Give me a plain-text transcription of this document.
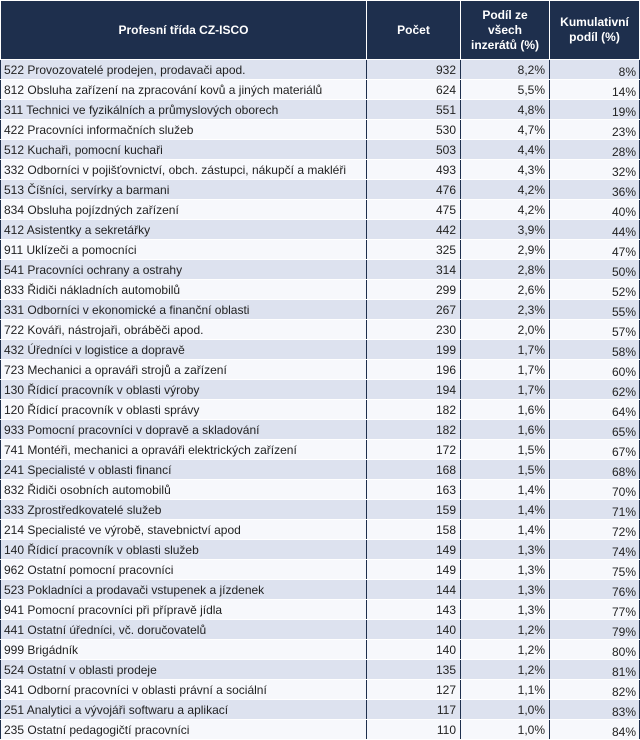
Profesní třída CZ-ISCO	Počet	Podíl ze všech
inzerátů (%)	Kumulativní
podíl (%)
522 Provozovatelé prodejen, prodavači apod.	932	8,2%	8%
812 Obsluha zařízení na zpracování kovů a jiných materiálů	624	5,5%	14%
311 Technici ve fyzikálních a průmyslových oborech	551	4,8%	19%
422 Pracovníci informačních služeb	530	4,7%	23%
512 Kuchaři, pomocní kuchaři	503	4,4%	28%
332 Odborníci v pojišťovnictví, obch. zástupci, nákupčí a makléři	493	4,3%	32%
513 Číšníci, servírky a barmani	476	4,2%	36%
834 Obsluha pojízdných zařízení	475	4,2%	40%
412 Asistentky a sekretářky	442	3,9%	44%
911 Uklízeči a pomocníci	325	2,9%	47%
541 Pracovníci ochrany a ostrahy	314	2,8%	50%
833 Řidiči nákladních automobilů	299	2,6%	52%
331 Odborníci v ekonomické a finanční oblasti	267	2,3%	55%
722 Kováři, nástrojaři, obráběči apod.	230	2,0%	57%
432 Úředníci v logistice a dopravě	199	1,7%	58%
723 Mechanici a opraváři strojů a zařízení	196	1,7%	60%
130 Řídicí pracovník v oblasti výroby	194	1,7%	62%
120 Řídicí pracovník v oblasti správy	182	1,6%	64%
933 Pomocní pracovníci v dopravě a skladování	182	1,6%	65%
741 Montéři, mechanici a opraváři elektrických zařízení	172	1,5%	67%
241 Specialisté v oblasti financí	168	1,5%	68%
832 Řidiči osobních automobilů	163	1,4%	70%
333 Zprostředkovatelé služeb	159	1,4%	71%
214 Specialisté ve výrobě, stavebnictví apod	158	1,4%	72%
140 Řídicí pracovník v oblasti služeb	149	1,3%	74%
962 Ostatní pomocní pracovníci	149	1,3%	75%
523 Pokladníci a prodavači vstupenek a jízdenek	144	1,3%	76%
941 Pomocní pracovníci při přípravě jídla	143	1,3%	77%
441 Ostatní úředníci, vč. doručovatelů	140	1,2%	79%
999 Brigádník	140	1,2%	80%
524 Ostatní v oblasti prodeje	135	1,2%	81%
341 Odborní pracovníci v oblasti právní a sociální	127	1,1%	82%
251 Analytici a vývojáři softwaru a aplikací	117	1,0%	83%
235 Ostatní pedagogičtí pracovníci	110	1,0%	84%
